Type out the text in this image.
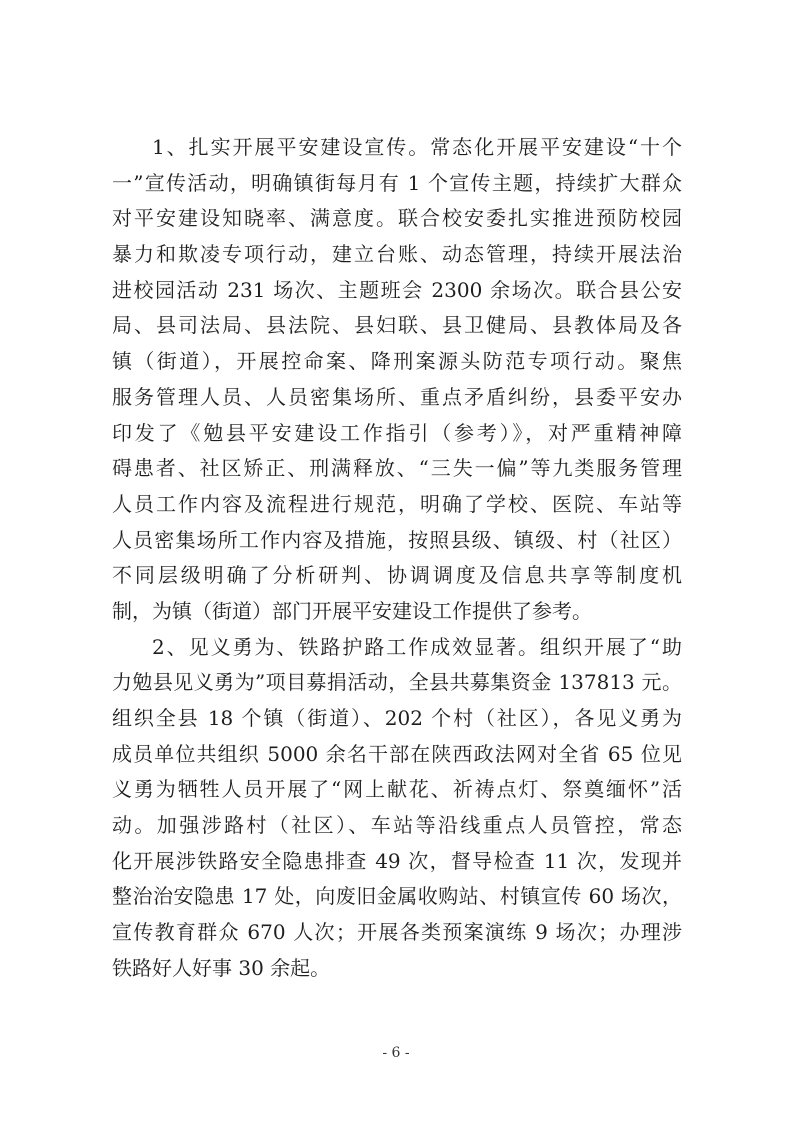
1、扎实开展平安建设宣传。常态化开展平安建设“十个
一”宣传活动，明确镇街每月有 1 个宣传主题，持续扩大群众
对平安建设知晓率、满意度。联合校安委扎实推进预防校园
暴力和欺凌专项行动，建立台账、动态管理，持续开展法治
进校园活动 231 场次、主题班会 2300 余场次。联合县公安
局、县司法局、县法院、县妇联、县卫健局、县教体局及各
镇（街道），开展控命案、降刑案源头防范专项行动。聚焦
服务管理人员、人员密集场所、重点矛盾纠纷，县委平安办
印发了《勉县平安建设工作指引（参考）》，对严重精神障
碍患者、社区矫正、刑满释放、“三失一偏”等九类服务管理
人员工作内容及流程进行规范，明确了学校、医院、车站等
人员密集场所工作内容及措施，按照县级、镇级、村（社区）
不同层级明确了分析研判、协调调度及信息共享等制度机
制，为镇（街道）部门开展平安建设工作提供了参考。
2、见义勇为、铁路护路工作成效显著。组织开展了“助
力勉县见义勇为”项目募捐活动，全县共募集资金 137813 元。
组织全县 18 个镇（街道）、202 个村（社区），各见义勇为
成员单位共组织 5000 余名干部在陕西政法网对全省 65 位见
义勇为牺牲人员开展了“网上献花、祈祷点灯、祭奠缅怀”活
动。加强涉路村（社区）、车站等沿线重点人员管控，常态
化开展涉铁路安全隐患排查 49 次，督导检查 11 次，发现并
整治治安隐患 17 处，向废旧金属收购站、村镇宣传 60 场次，
宣传教育群众 670 人次；开展各类预案演练 9 场次；办理涉
铁路好人好事 30 余起。
- 6 -
